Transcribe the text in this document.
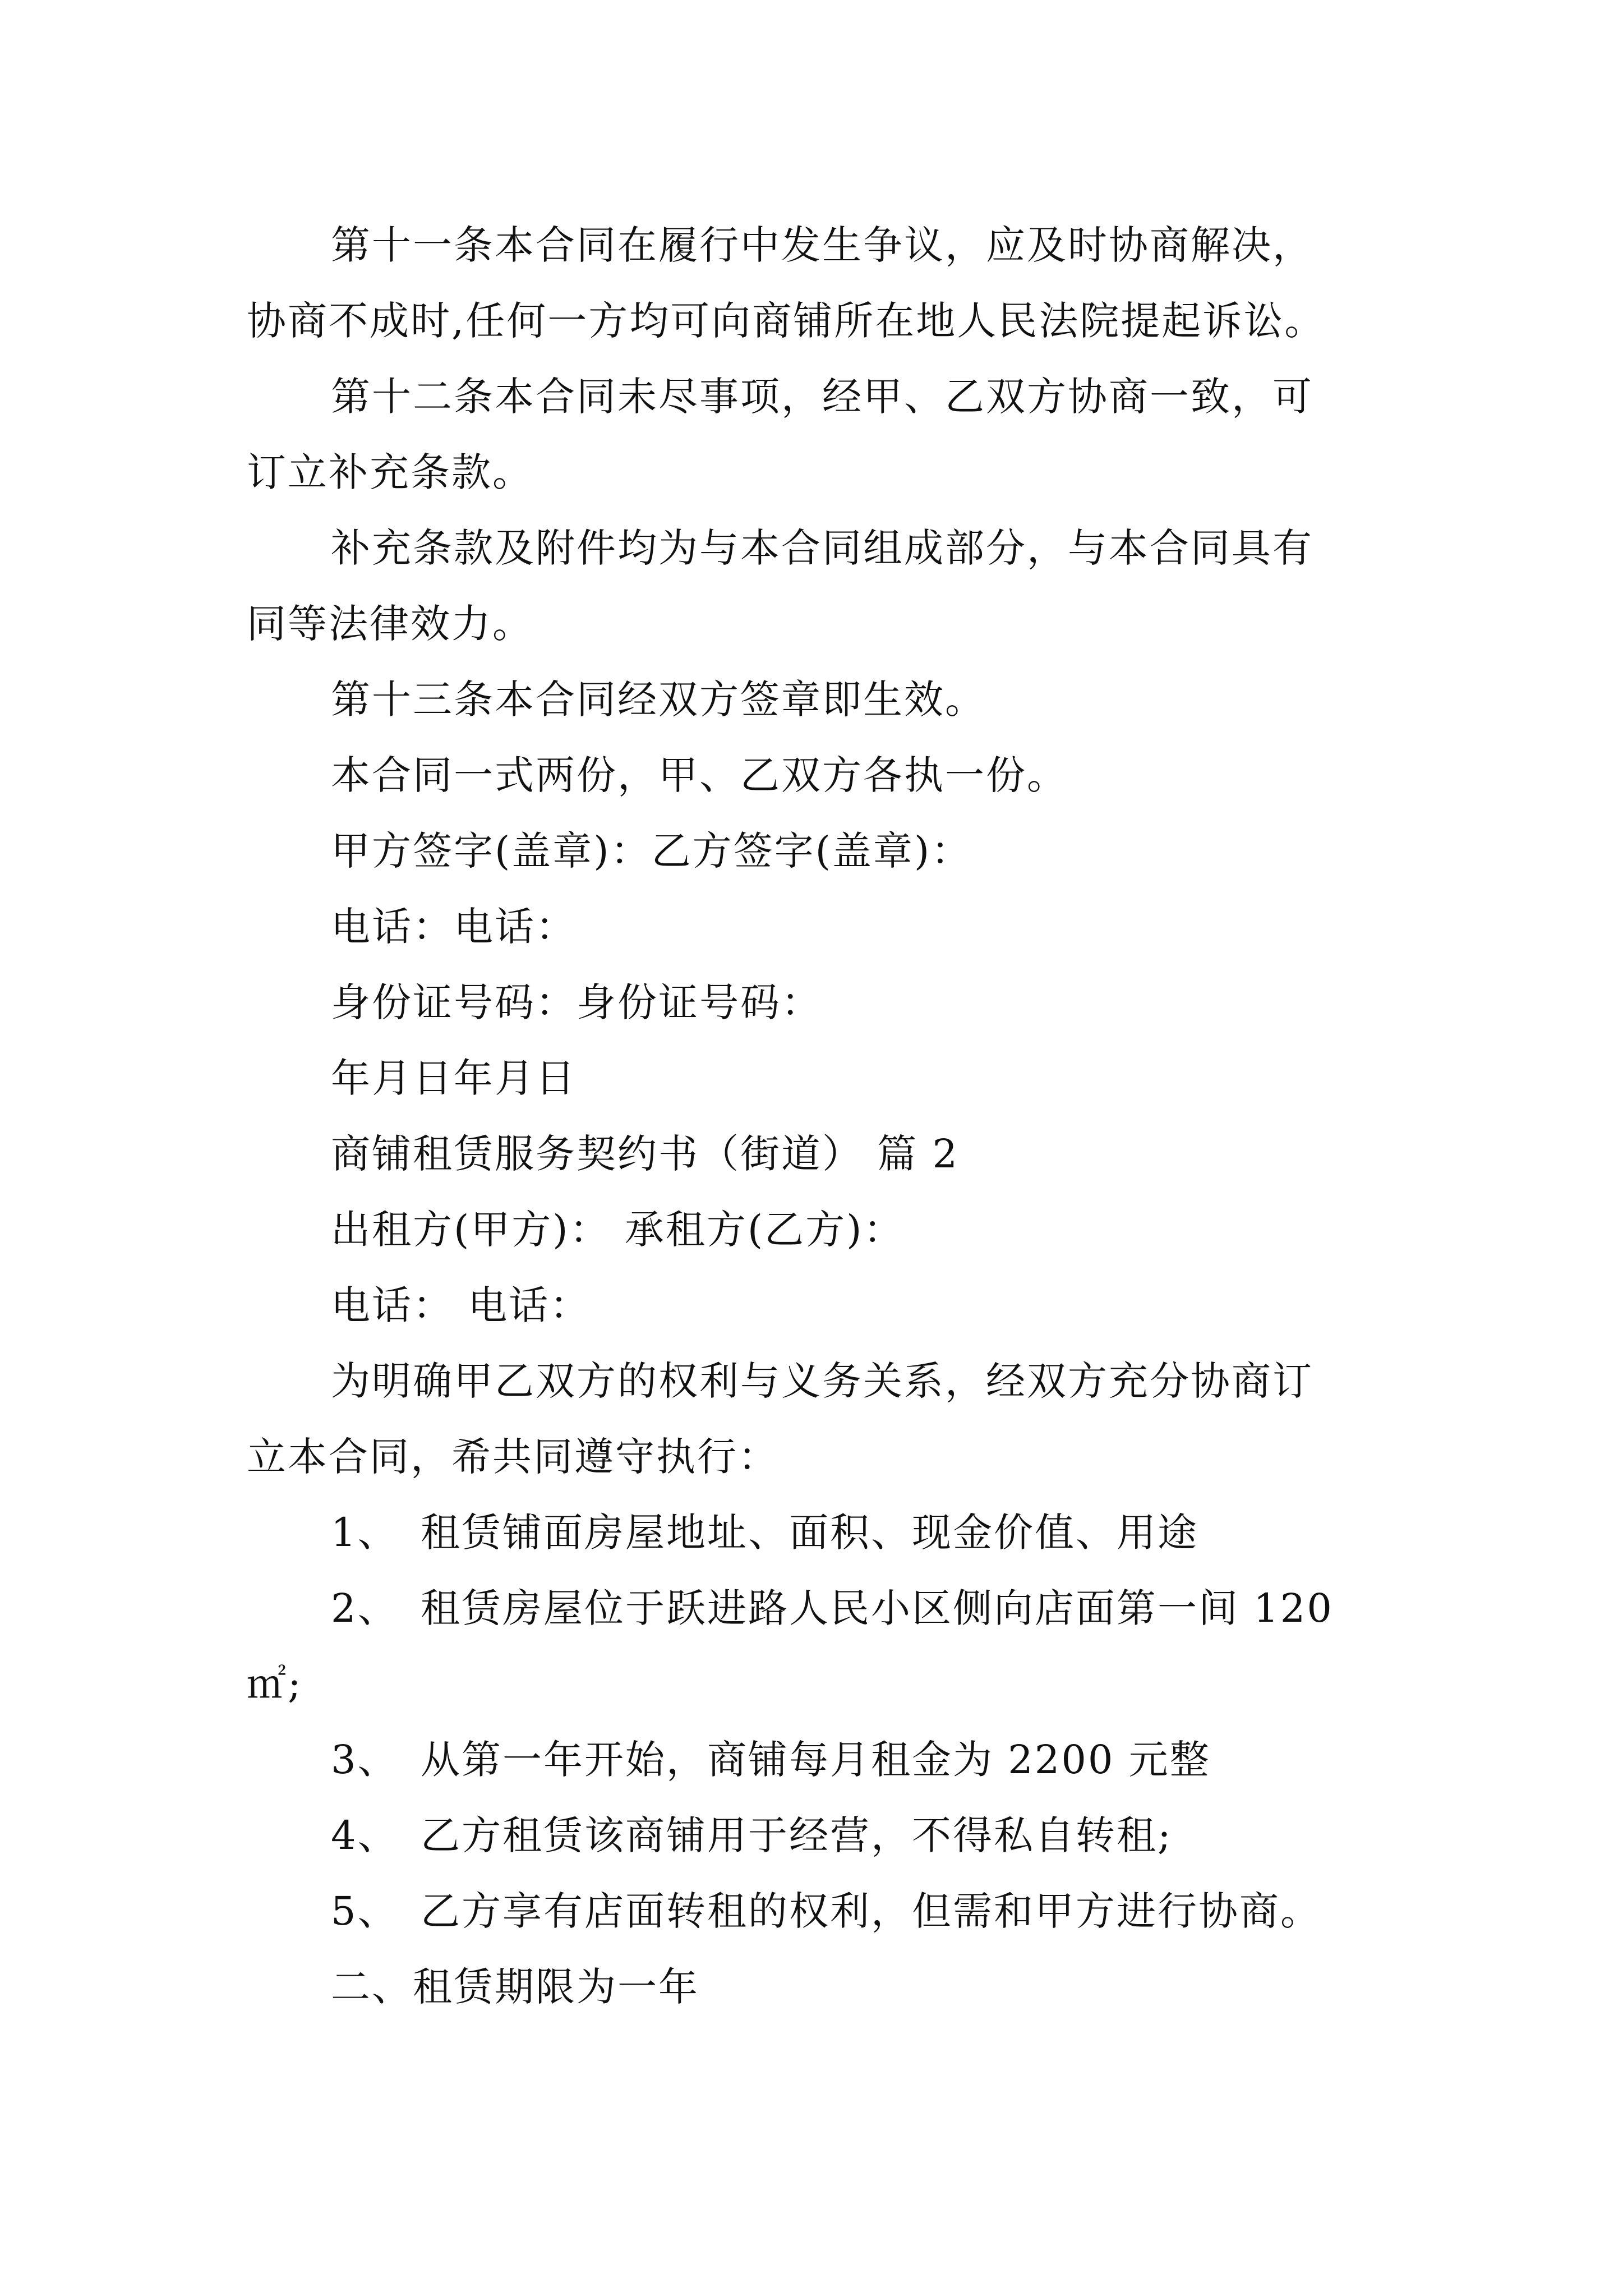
第十一条本合同在履行中发生争议，应及时协商解决，
协商不成时,任何一方均可向商铺所在地人民法院提起诉讼。

第十二条本合同未尽事项，经甲、乙双方协商一致，可
订立补充条款。

补充条款及附件均为与本合同组成部分，与本合同具有
同等法律效力。

第十三条本合同经双方签章即生效。

本合同一式两份，甲、乙双方各执一份。

甲方签字(盖章)：乙方签字(盖章)：

电话：电话：

身份证号码：身份证号码：

年月日年月日

商铺租赁服务契约书（街道） 篇 2

出租方(甲方)： 承租方(乙方)：

电话： 电话：

为明确甲乙双方的权利与义务关系，经双方充分协商订
立本合同，希共同遵守执行：

1、 租赁铺面房屋地址、面积、现金价值、用途

2、 租赁房屋位于跃进路人民小区侧向店面第一间 120
㎡;

3、 从第一年开始，商铺每月租金为 2200 元整

4、 乙方租赁该商铺用于经营，不得私自转租;

5、 乙方享有店面转租的权利，但需和甲方进行协商。

二、租赁期限为一年
